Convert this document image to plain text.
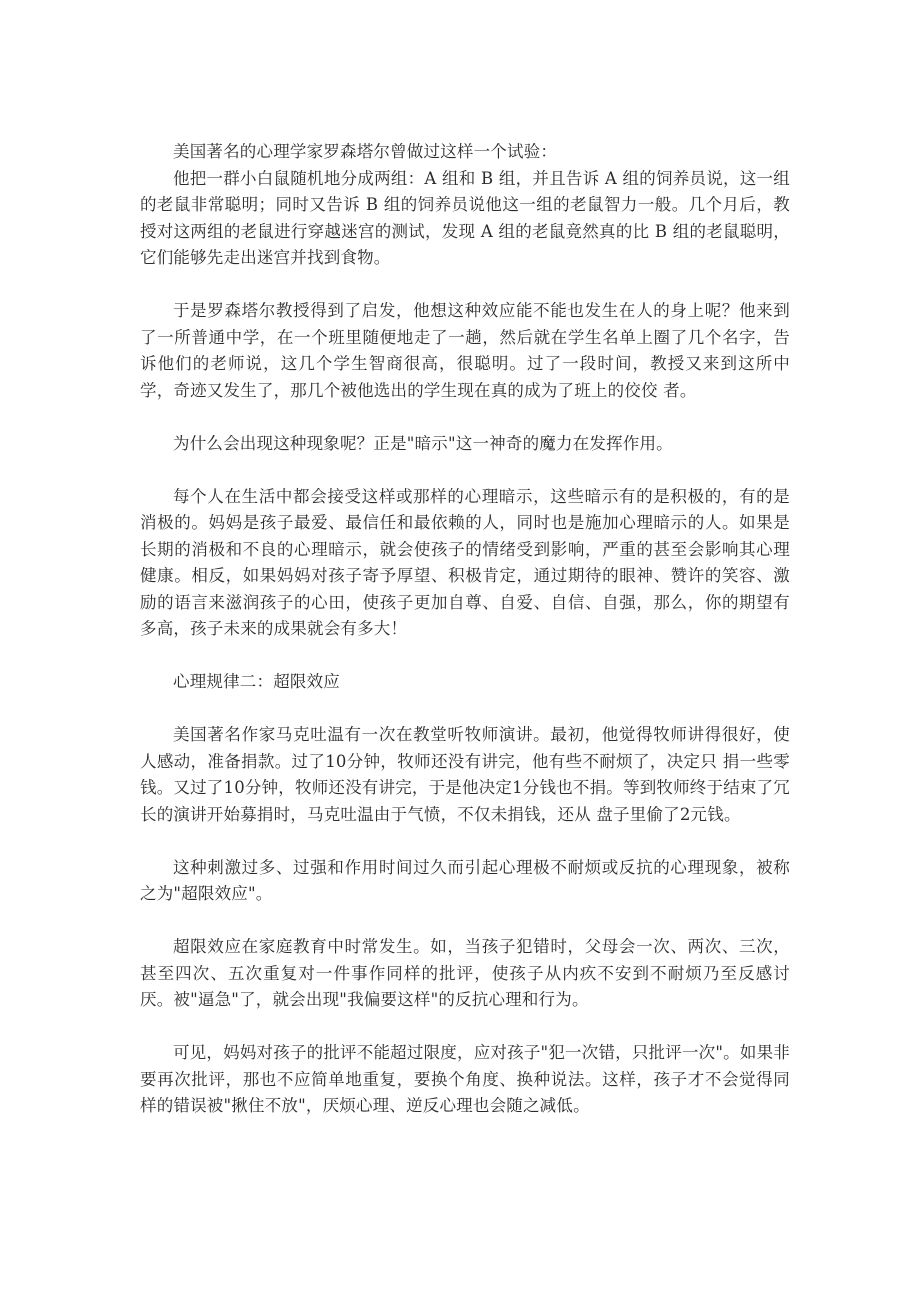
美国著名的心理学家罗森塔尔曾做过这样一个试验：

他把一群小白鼠随机地分成两组：A 组和 B 组，并且告诉 A 组的饲养员说，这一组的老鼠非常聪明；同时又告诉 B 组的饲养员说他这一组的老鼠智力一般。几个月后，教授对这两组的老鼠进行穿越迷宫的测试，发现 A 组的老鼠竟然真的比 B 组的老鼠聪明，它们能够先走出迷宫并找到食物。

于是罗森塔尔教授得到了启发，他想这种效应能不能也发生在人的身上呢？他来到了一所普通中学，在一个班里随便地走了一趟，然后就在学生名单上圈了几个名字，告诉他们的老师说，这几个学生智商很高，很聪明。过了一段时间，教授又来到这所中学，奇迹又发生了，那几个被他选出的学生现在真的成为了班上的佼佼 者。

为什么会出现这种现象呢？正是"暗示"这一神奇的魔力在发挥作用。

每个人在生活中都会接受这样或那样的心理暗示，这些暗示有的是积极的，有的是消极的。妈妈是孩子最爱、最信任和最依赖的人，同时也是施加心理暗示的人。如果是长期的消极和不良的心理暗示，就会使孩子的情绪受到影响，严重的甚至会影响其心理健康。相反，如果妈妈对孩子寄予厚望、积极肯定，通过期待的眼神、赞许的笑容、激励的语言来滋润孩子的心田，使孩子更加自尊、自爱、自信、自强，那么，你的期望有多高，孩子未来的成果就会有多大！

心理规律二：超限效应

美国著名作家马克吐温有一次在教堂听牧师演讲。最初，他觉得牧师讲得很好，使人感动，准备捐款。过了10分钟，牧师还没有讲完，他有些不耐烦了，决定只 捐一些零钱。又过了10分钟，牧师还没有讲完，于是他决定1分钱也不捐。等到牧师终于结束了冗长的演讲开始募捐时，马克吐温由于气愤，不仅未捐钱，还从 盘子里偷了2元钱。

这种刺激过多、过强和作用时间过久而引起心理极不耐烦或反抗的心理现象，被称之为"超限效应"。

超限效应在家庭教育中时常发生。如，当孩子犯错时，父母会一次、两次、三次，甚至四次、五次重复对一件事作同样的批评，使孩子从内疚不安到不耐烦乃至反感讨厌。被"逼急"了，就会出现"我偏要这样"的反抗心理和行为。

可见，妈妈对孩子的批评不能超过限度，应对孩子"犯一次错，只批评一次"。如果非要再次批评，那也不应简单地重复，要换个角度、换种说法。这样，孩子才不会觉得同样的错误被"揪住不放"，厌烦心理、逆反心理也会随之减低。
